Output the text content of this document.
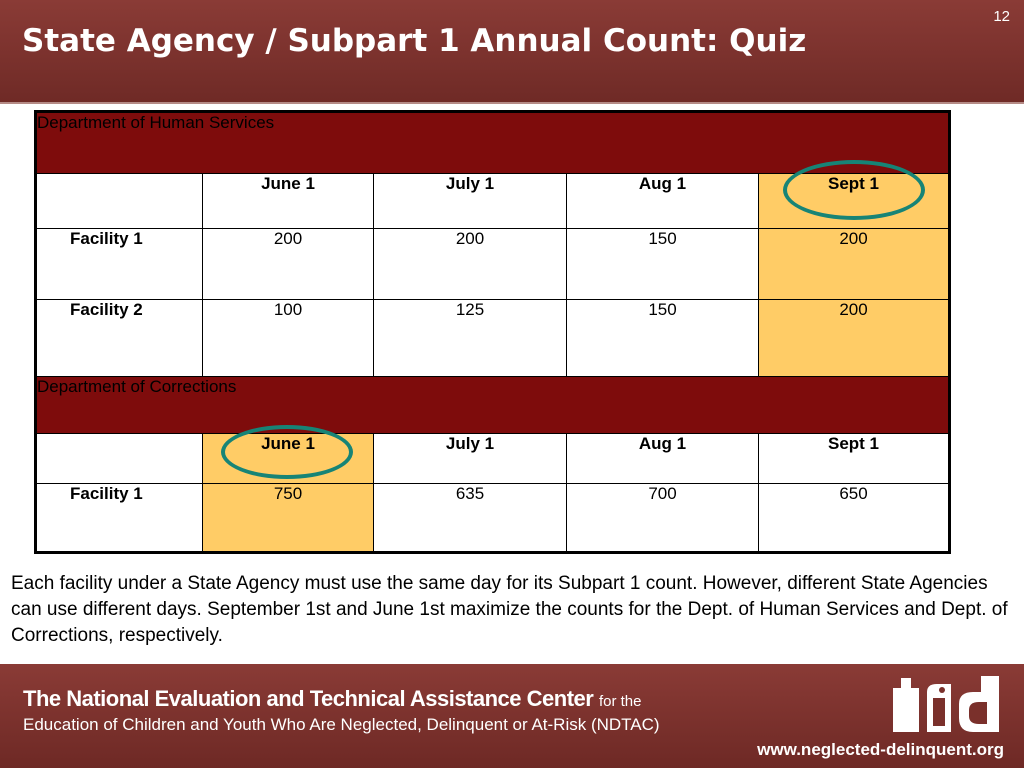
12
State Agency / Subpart 1 Annual Count: Quiz
Department of Human Services				
	June 1	July 1	Aug 1	Sept 1
Facility 1	200	200	150	200
Facility 2	100	125	150	200
Department of Corrections				
	June 1	July 1	Aug 1	Sept 1
Facility 1	750	635	700	650
Each facility under a State Agency must use the same day for its Subpart 1 count. However, different State Agencies can use different days. September 1st and June 1st maximize the counts for the Dept. of Human Services and Dept. of Corrections, respectively.
The National Evaluation and Technical Assistance Center for the
Education of Children and Youth Who Are Neglected, Delinquent or At-Risk (NDTAC)
www.neglected-delinquent.org
